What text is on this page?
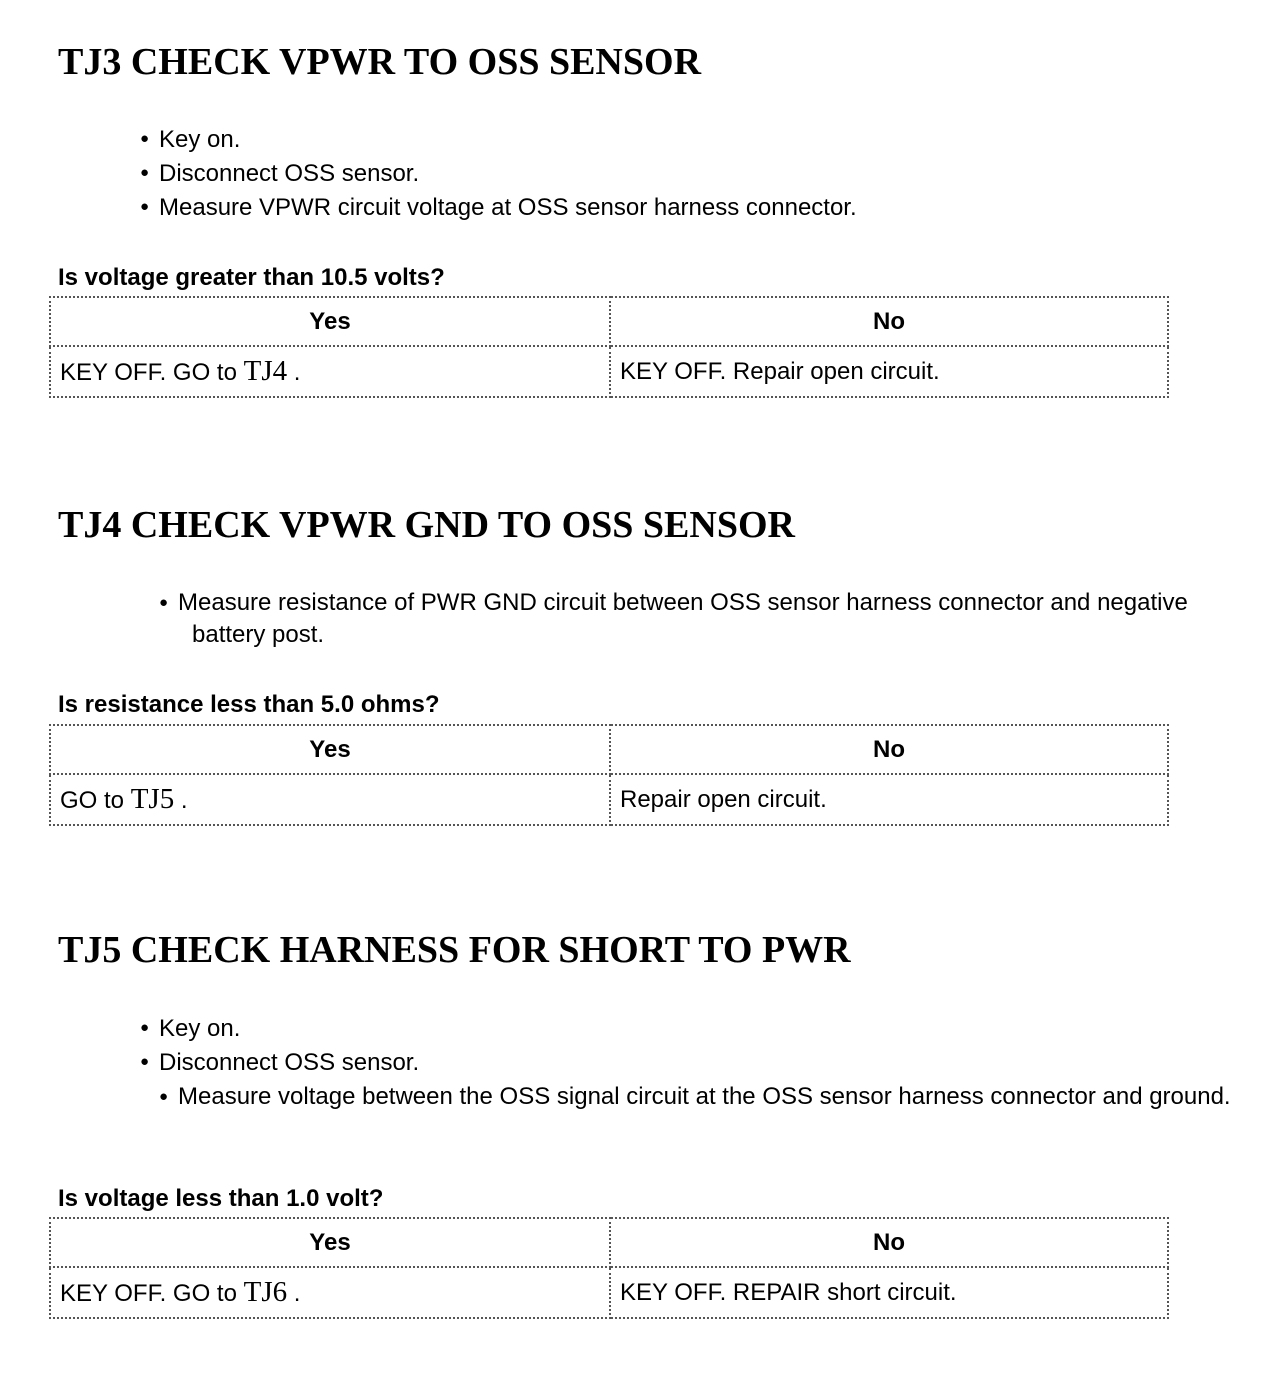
TJ3 CHECK VPWR TO OSS SENSOR
● Key on.
● Disconnect OSS sensor.
● Measure VPWR circuit voltage at OSS sensor harness connector.

Is voltage greater than 10.5 volts?

Yes	No
KEY OFF. GO to TJ4 .	KEY OFF. Repair open circuit.
TJ4 CHECK VPWR GND TO OSS SENSOR
● Measure resistance of PWR GND circuit between OSS sensor harness connector and negative battery post.

Is resistance less than 5.0 ohms?

Yes	No
GO to TJ5 .	Repair open circuit.
TJ5 CHECK HARNESS FOR SHORT TO PWR
● Key on.
● Disconnect OSS sensor.
● Measure voltage between the OSS signal circuit at the OSS sensor harness connector and ground.

Is voltage less than 1.0 volt?

Yes	No
KEY OFF. GO to TJ6 .	KEY OFF. REPAIR short circuit.
